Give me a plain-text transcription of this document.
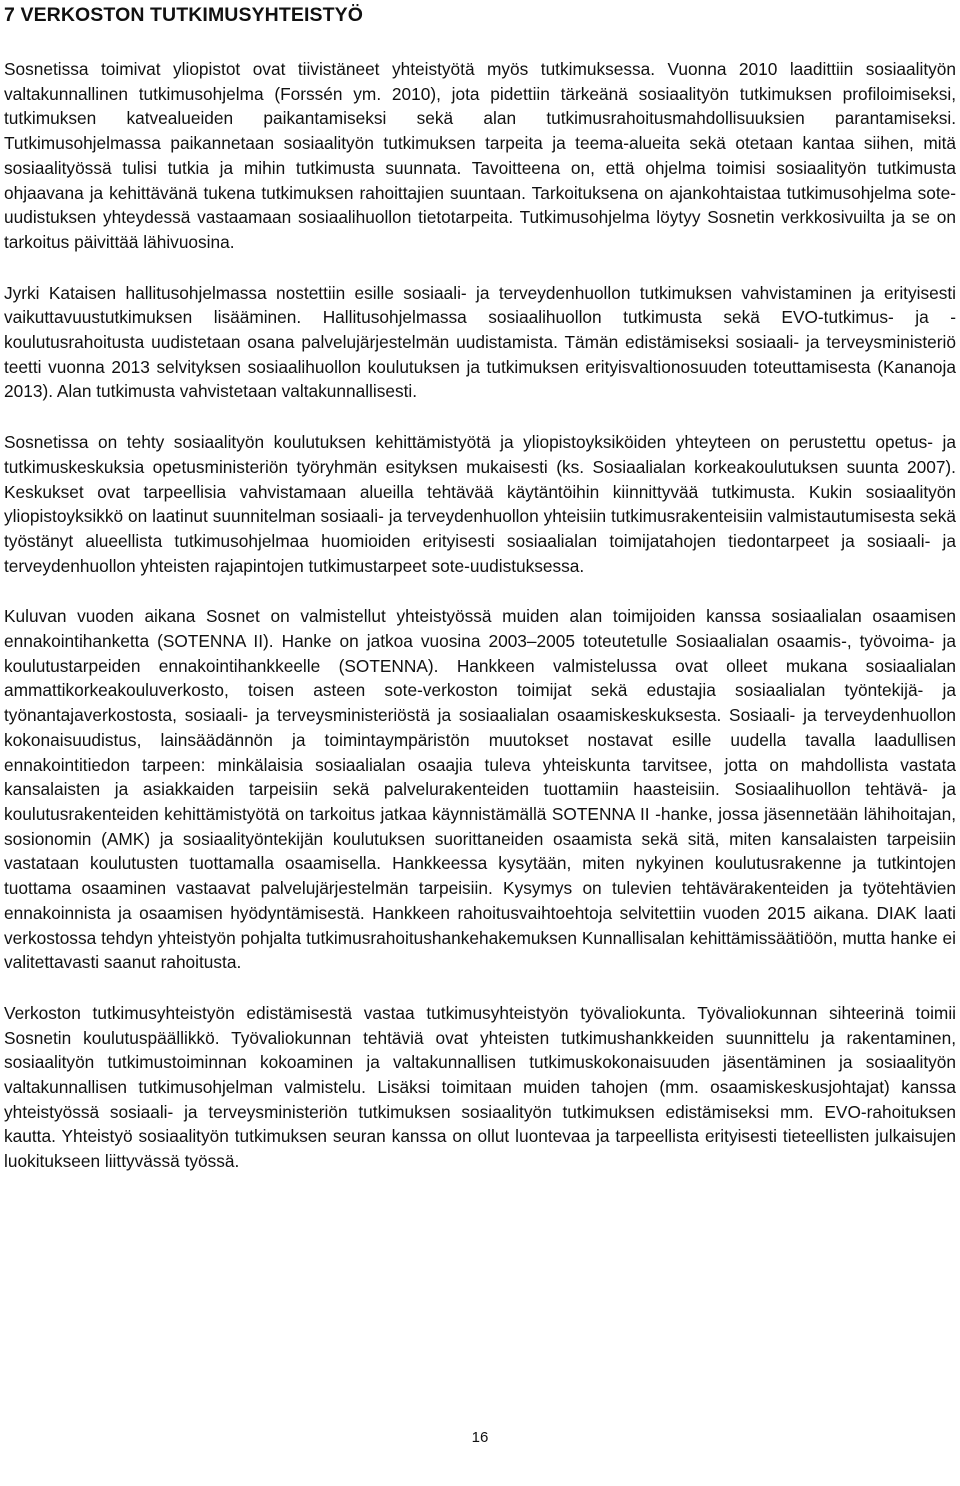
7 VERKOSTON TUTKIMUSYHTEISTYÖ

Sosnetissa toimivat yliopistot ovat tiivistäneet yhteistyötä myös tutkimuksessa. Vuonna 2010 laadittiin sosiaalityön valtakunnallinen tutkimusohjelma (Forssén ym. 2010), jota pidettiin tärkeänä sosiaalityön tutkimuksen profiloimiseksi, tutkimuksen katvealueiden paikantamiseksi sekä alan tutkimusrahoitusmahdollisuuksien parantamiseksi. Tutkimusohjelmassa paikannetaan sosiaalityön tutkimuksen tarpeita ja teema-alueita sekä otetaan kantaa siihen, mitä sosiaalityössä tulisi tutkia ja mihin tutkimusta suunnata. Tavoitteena on, että ohjelma toimisi sosiaalityön tutkimusta ohjaavana ja kehittävänä tukena tutkimuksen rahoittajien suuntaan. Tarkoituksena on ajankohtaistaa tutkimusohjelma sote-uudistuksen yhteydessä vastaamaan sosiaalihuollon tietotarpeita. Tutkimusohjelma löytyy Sosnetin verkkosivuilta ja se on tarkoitus päivittää lähivuosina.

Jyrki Kataisen hallitusohjelmassa nostettiin esille sosiaali- ja terveydenhuollon tutkimuksen vahvistaminen ja erityisesti vaikuttavuustutkimuksen lisääminen. Hallitusohjelmassa sosiaalihuollon tutkimusta sekä EVO-tutkimus- ja -koulutusrahoitusta uudistetaan osana palvelujärjestelmän uudistamista. Tämän edistämiseksi sosiaali- ja terveysministeriö teetti vuonna 2013 selvityksen sosiaalihuollon koulutuksen ja tutkimuksen erityisvaltionosuuden toteuttamisesta (Kananoja 2013). Alan tutkimusta vahvistetaan valtakunnallisesti.

Sosnetissa on tehty sosiaalityön koulutuksen kehittämistyötä ja yliopistoyksiköiden yhteyteen on perustettu opetus- ja tutkimuskeskuksia opetusministeriön työryhmän esityksen mukaisesti (ks. Sosiaalialan korkeakoulutuksen suunta 2007). Keskukset ovat tarpeellisia vahvistamaan alueilla tehtävää käytäntöihin kiinnittyvää tutkimusta. Kukin sosiaalityön yliopistoyksikkö on laatinut suunnitelman sosiaali- ja terveydenhuollon yhteisiin tutkimusrakenteisiin valmistautumisesta sekä työstänyt alueellista tutkimusohjelmaa huomioiden erityisesti sosiaalialan toimijatahojen tiedontarpeet ja sosiaali- ja terveydenhuollon yhteisten rajapintojen tutkimustarpeet sote-uudistuksessa.

Kuluvan vuoden aikana Sosnet on valmistellut yhteistyössä muiden alan toimijoiden kanssa sosiaalialan osaamisen ennakointihanketta (SOTENNA II). Hanke on jatkoa vuosina 2003–2005 toteutetulle Sosiaalialan osaamis-, työvoima- ja koulutustarpeiden ennakointihankkeelle (SOTENNA). Hankkeen valmistelussa ovat olleet mukana sosiaalialan ammattikorkeakouluverkosto, toisen asteen sote-verkoston toimijat sekä edustajia sosiaalialan työntekijä- ja työnantajaverkostosta, sosiaali- ja terveysministeriöstä ja sosiaalialan osaamiskeskuksesta. Sosiaali- ja terveydenhuollon kokonaisuudistus, lainsäädännön ja toimintaympäristön muutokset nostavat esille uudella tavalla laadullisen ennakointitiedon tarpeen: minkälaisia sosiaalialan osaajia tuleva yhteiskunta tarvitsee, jotta on mahdollista vastata kansalaisten ja asiakkaiden tarpeisiin sekä palvelurakenteiden tuottamiin haasteisiin. Sosiaalihuollon tehtävä- ja koulutusrakenteiden kehittämistyötä on tarkoitus jatkaa käynnistämällä SOTENNA II -hanke, jossa jäsennetään lähihoitajan, sosionomin (AMK) ja sosiaalityöntekijän koulutuksen suorittaneiden osaamista sekä sitä, miten kansalaisten tarpeisiin vastataan koulutusten tuottamalla osaamisella. Hankkeessa kysytään, miten nykyinen koulutusrakenne ja tutkintojen tuottama osaaminen vastaavat palvelujärjestelmän tarpeisiin. Kysymys on tulevien tehtävärakenteiden ja työtehtävien ennakoinnista ja osaamisen hyödyntämisestä. Hankkeen rahoitusvaihtoehtoja selvitettiin vuoden 2015 aikana. DIAK laati verkostossa tehdyn yhteistyön pohjalta tutkimusrahoitushankehakemuksen Kunnallisalan kehittämissäätiöön, mutta hanke ei valitettavasti saanut rahoitusta.

Verkoston tutkimusyhteistyön edistämisestä vastaa tutkimusyhteistyön työvaliokunta. Työvaliokunnan sihteerinä toimii Sosnetin koulutuspäällikkö. Työvaliokunnan tehtäviä ovat yhteisten tutkimushankkeiden suunnittelu ja rakentaminen, sosiaalityön tutkimustoiminnan kokoaminen ja valtakunnallisen tutkimuskokonaisuuden jäsentäminen ja sosiaalityön valtakunnallisen tutkimusohjelman valmistelu. Lisäksi toimitaan muiden tahojen (mm. osaamiskeskusjohtajat) kanssa yhteistyössä sosiaali- ja terveysministeriön tutkimuksen sosiaalityön tutkimuksen edistämiseksi mm. EVO-rahoituksen kautta. Yhteistyö sosiaalityön tutkimuksen seuran kanssa on ollut luontevaa ja tarpeellista erityisesti tieteellisten julkaisujen luokitukseen liittyvässä työssä.

16
